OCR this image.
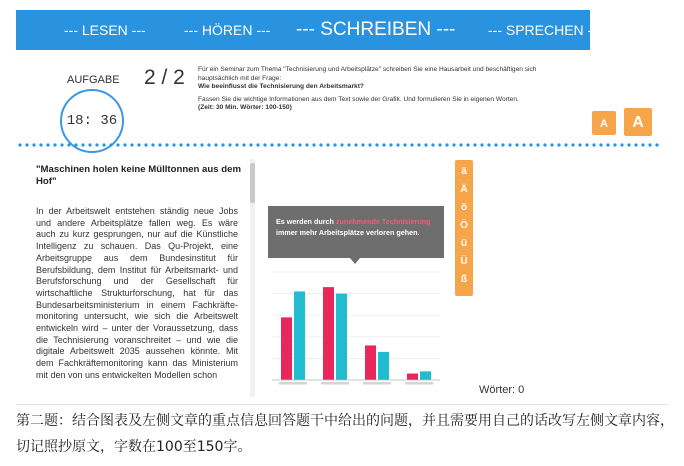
--- LESEN ---	--- HÖREN --- --- SCHREIBEN --- --- SPRECHEN ---
AUFGABE 2 / 2
18: 36
Für ein Seminar zum Thema "Technisierung und Arbeitsplätze" schreiben Sie eine Hausarbeit und beschäftigen sich hauptsächlich mit der Frage:
Wie beeinflusst die Technisierung den Arbeitsmarkt?
Fassen Sie die wichtige Informationen aus dem Text sowie der Grafik. Und formulieren Sie in eigenen Worten.
(Zeit: 30 Min. Wörter: 100-150)
A	A
"Maschinen holen keine Mülltonnen aus dem Hof"
In der Arbeitswelt entstehen ständig neue Jobs und andere Arbeitsplätze fallen weg. Es wäre auch zu kurz gesprungen, nur auf die Künstliche Intelligenz zu schauen. Das Qu-Projekt, eine Arbeitsgruppe aus dem Bundesinstitut für Berufsbildung, dem Institut für Arbeitsmarkt- und Berufsforschung und der Gesellschaft für wirtschaftliche Strukturforschung, hat für das Bundesarbeitsministerium in einem Fachkräfte-monitoring untersucht, wie sich die Arbeitswelt entwickeln wird – unter der Voraussetzung, dass die Technisierung voranschreitet – und wie die digitale Arbeitswelt 2035 aussehen könnte. Mit dem Fachkräftemonitoring kann das Ministerium mit den von uns entwickelten Modellen schon
Es werden durch zunehmende Technisierung immer mehr Arbeitsplätze verloren gehen.
ä
Ä
ö
Ö
ü
Ü
ß
Wörter: 0
第二题：结合图表及左侧文章的重点信息回答题干中给出的问题，并且需要用自己的话改写左侧文章内容，切记照抄原文，字数在100至150字。
